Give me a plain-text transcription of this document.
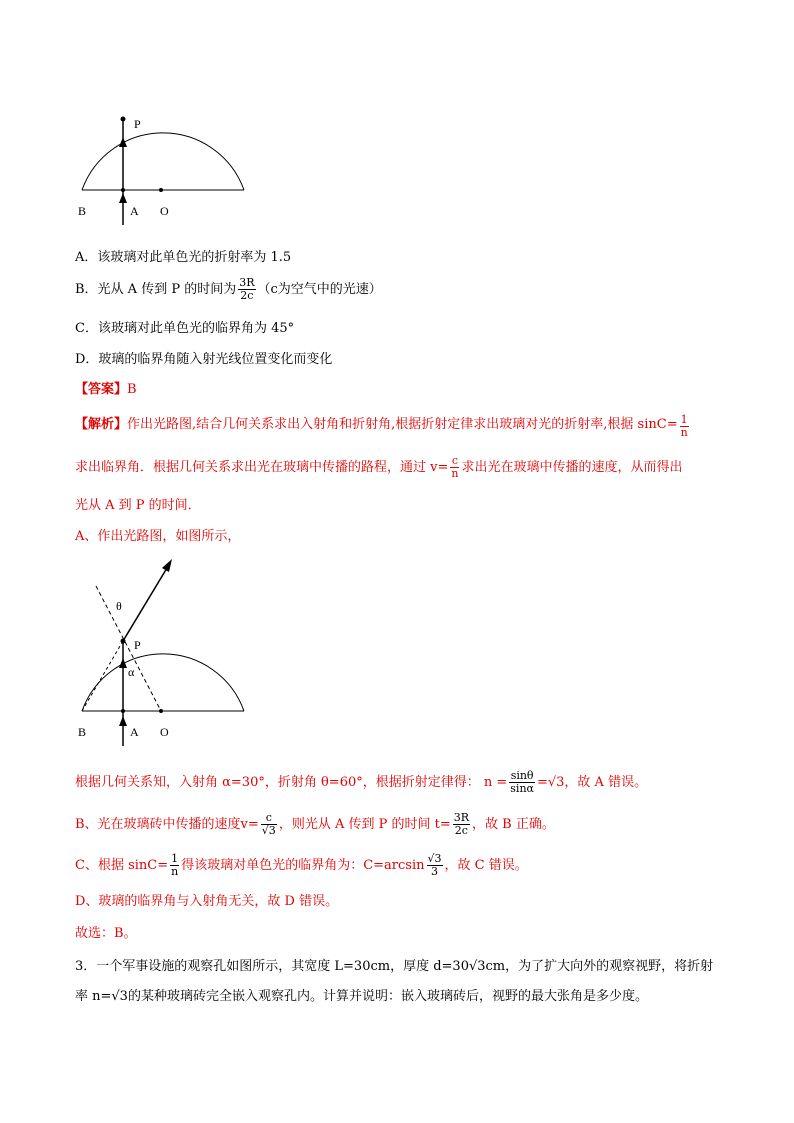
P
B	A O
A．该玻璃对此单色光的折射率为 1.5
B．光从 A 传到 P 的时间为 $\frac{3R}{2c} (c$为空气中的光速）
C．该玻璃对此单色光的临界角为 45°
D．玻璃的临界角随入射光线位置变化而变化
【答案】B
【解析】作出光路图,结合几何关系求出入射角和折射角,根据折射定律求出玻璃对光的折射率,根据 $\sin C= \frac{1}{n}$
求出临界角．根据几何关系求出光在玻璃中传播的路程，通过 $v= \frac{c}{n}$ 求出光在玻璃中传播的速度，从而得出
光从 A 到 P 的时间．
A、作出光路图，如图所示，
θ
P
α
B	A O
根据几何关系知，入射角 α=30°，折射角 θ=60°，根据折射定律得： $n = \frac{\sin\theta}{\sin\alpha} =√3$，故 A 错误。
B、光在玻璃砖中传播的速度$v= \frac{c}{√3}$ ，则光从 A 传到 P 的时间 $t= \frac{3R}{2c}$ ，故 B 正确。
C、根据 $\sin C= \frac{1}{n}$ 得该玻璃对单色光的临界角为：$C=\arcsin \frac{√3}{3}$ ，故 C 错误。
D、玻璃的临界角与入射角无关，故 D 错误。
故选：B。
3．一个军事设施的观察孔如图所示，其宽度 L=30cm，厚度 d=30√3cm，为了扩大向外的观察视野，将折射
率 n=√3的某种玻璃砖完全嵌入观察孔内。计算并说明：嵌入玻璃砖后，视野的最大张角是多少度。
